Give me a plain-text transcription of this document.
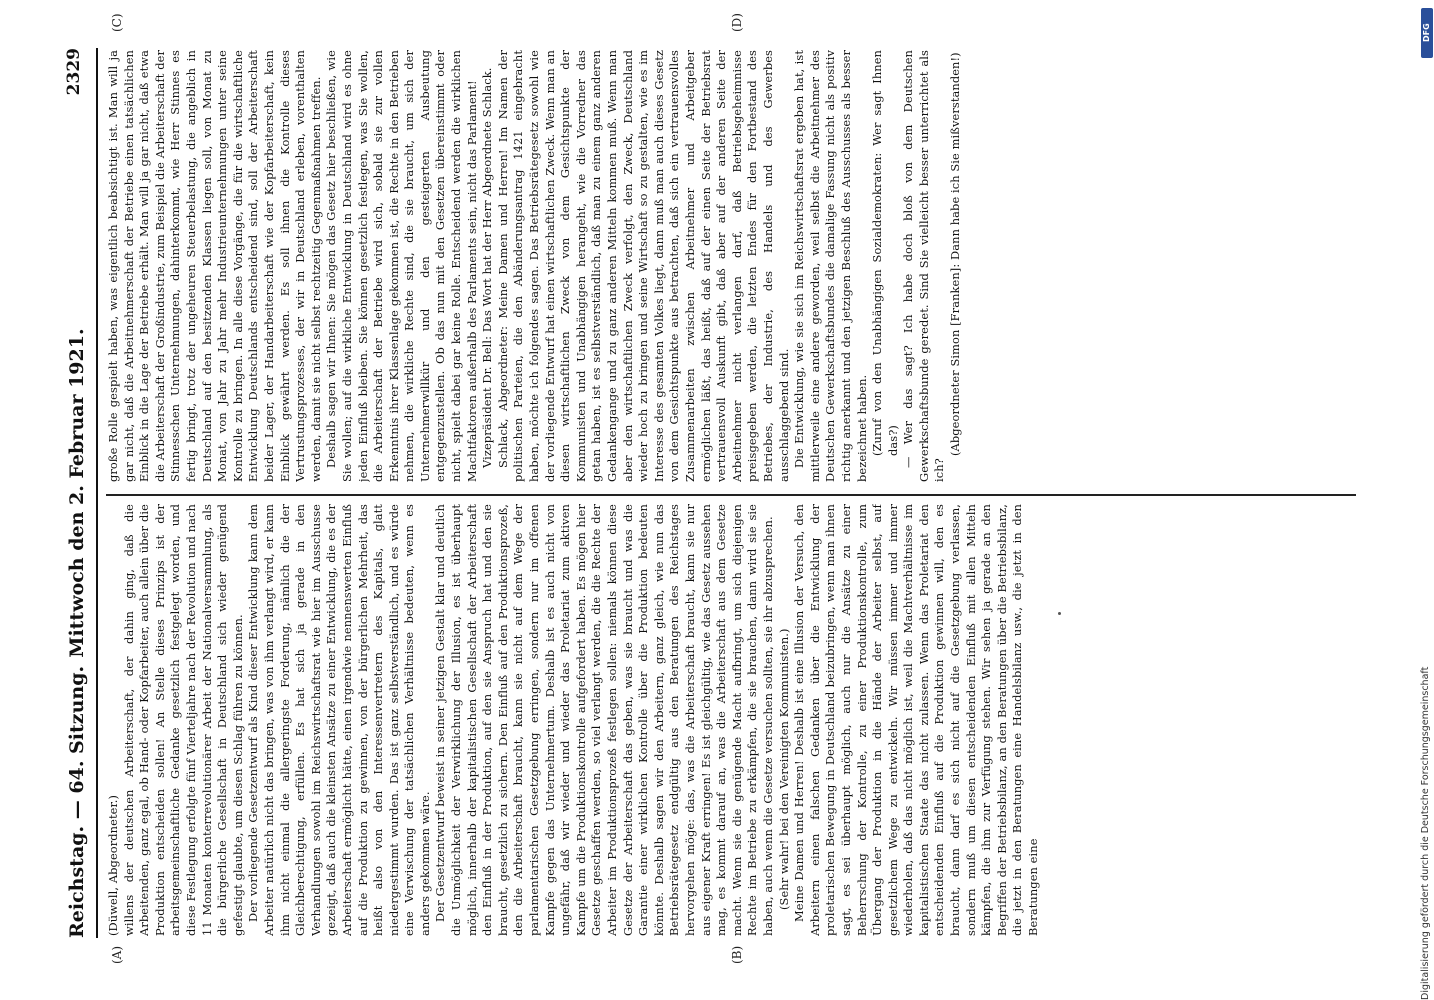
Reichstag. — 64. Sitzung.
Mittwoch den 2. Februar 1921.
2329
(A)	(B)
(C)	(D)

(Düwell, Abgeordneter.) willens der deutschen Arbeiterschaft, der dahin ging, daß die Arbeitenden, ganz egal, ob Hand- oder Kopfarbeiter, auch allein über die Produktion entscheiden sollen! An Stelle dieses Prinzips ist der arbeitsgemeinschaftliche Gedanke gesetzlich festgelegt worden, und diese Festlegung erfolgte fünf Vierteljahre nach der Revolution und nach 11 Monaten konterrevolutionärer Arbeit der Nationalversammlung, als die bürgerliche Gesellschaft in Deutschland sich wieder genügend gefestigt glaubte, um diesen Schlag führen zu können. Der vorliegende Gesetzentwurf als Kind dieser Entwicklung kann dem Arbeiter natürlich nicht das bringen, was von ihm verlangt wird, er kann ihm nicht einmal die allergeringste Forderung, nämlich die der Gleichberechtigung, erfüllen. Es hat sich ja gerade in den Verhandlungen sowohl im Reichswirtschaftsrat wie hier im Ausschusse gezeigt, daß auch die kleinsten Ansätze zu einer Entwicklung, die es der Arbeiterschaft ermöglicht hätte, einen irgendwie nennenswerten Einfluß auf die Produktion zu gewinnen, von der bürgerlichen Mehrheit, das heißt also von den Interessenvertretern des Kapitals, glatt niedergestimmt wurden. Das ist ganz selbstverständlich, und es würde eine Verwischung der tatsächlichen Verhältnisse bedeuten, wenn es anders gekommen wäre. Der Gesetzentwurf beweist in seiner jetzigen Gestalt klar und deutlich die Unmöglichkeit der Verwirklichung der Illusion, es ist überhaupt möglich, innerhalb der kapitalistischen Gesellschaft der Arbeiterschaft den Einfluß in der Produktion, auf den sie Anspruch hat und den sie braucht, gesetzlich zu sichern. Den Einfluß auf den Produktionsprozeß, den die Arbeiterschaft braucht, kann sie nicht auf dem Wege der parlamentarischen Gesetzgebung erringen, sondern nur im offenen Kampfe gegen das Unternehmertum. Deshalb ist es auch nicht von ungefähr, daß wir wieder und wieder das Proletariat zum aktiven Kampfe um die Produktionskontrolle aufgefordert haben. Es mögen hier Gesetze geschaffen werden, so viel verlangt werden, die die Rechte der Arbeiter im Produktionsprozeß festlegen sollen: niemals können diese Gesetze der Arbeiterschaft das geben, was sie braucht und was die Garantie einer wirklichen Kontrolle über die Produktion bedeuten könnte. Deshalb sagen wir den Arbeitern, ganz gleich, wie nun das Betriebsrätegesetz endgültig aus den Beratungen des Reichstages hervorgehen möge: das, was die Arbeiterschaft braucht, kann sie nur aus eigener Kraft erringen! Es ist gleichgültig, wie das Gesetz aussehen mag, es kommt darauf an, was die Arbeiterschaft aus dem Gesetze macht. Wenn sie die genügende Macht aufbringt, um sich diejenigen Rechte im Betriebe zu erkämpfen, die sie brauchen, dann wird sie sie haben, auch wenn die Gesetze versuchen sollten, sie ihr abzusprechen. (Sehr wahr! bei den Vereinigten Kommunisten.) Meine Damen und Herren! Deshalb ist eine Illusion der Versuch, den Arbeitern einen falschen Gedanken über die Entwicklung der proletarischen Bewegung in Deutschland beizubringen, wenn man ihnen sagt, es sei überhaupt möglich, auch nur die Ansätze zu einer Beherrschung der Kontrolle, zu einer Produktionskontrolle, zum Übergang der Produktion in die Hände der Arbeiter selbst, auf gesetzlichem Wege zu entwickeln. Wir müssen immer und immer wiederholen, daß das nicht möglich ist, weil die Machtverhältnisse im kapitalistischen Staate das nicht zulassen. Wenn das Proletariat den entscheidenden Einfluß auf die Produktion gewinnen will, den es braucht, dann darf es sich nicht auf die Gesetzgebung verlassen, sondern muß um diesen entscheidenden Einfluß mit allen Mitteln kämpfen, die ihm zur Verfügung stehen. Wir sehen ja gerade an den Begriffen der Betriebsbilanz, an den Beratungen über die Betriebsbilanz, die jetzt in den Beratungen eine Handelsbilanz usw., die jetzt in den Beratungen eine

große Rolle gespielt haben, was eigentlich beabsichtigt ist. Man will ja gar nicht, daß die Arbeitnehmerschaft der Betriebe einen tatsächlichen Einblick in die Lage der Betriebe erhält. Man will ja gar nicht, daß etwa die Arbeiterschaft der Großindustrie, zum Beispiel die Arbeiterschaft der Stinnesschen Unternehmungen, dahinterkommt, wie Herr Stinnes es fertig bringt, trotz der ungeheuren Steuerbelastung, die angeblich in Deutschland auf den besitzenden Klassen liegen soll, von Monat zu Monat, von Jahr zu Jahr mehr Industrieunternehmungen unter seine Kontrolle zu bringen. In alle diese Vorgänge, die für die wirtschaftliche Entwicklung Deutschlands entscheidend sind, soll der Arbeiterschaft beider Lager, der Handarbeiterschaft wie der Kopfarbeiterschaft, kein Einblick gewährt werden. Es soll ihnen die Kontrolle dieses Vertrustungsprozesses, der wir in Deutschland erleben, vorenthalten werden, damit sie nicht selbst rechtzeitig Gegenmaßnahmen treffen. Deshalb sagen wir Ihnen: Sie mögen das Gesetz hier beschließen, wie Sie wollen; auf die wirkliche Entwicklung in Deutschland wird es ohne jeden Einfluß bleiben. Sie können gesetzlich festlegen, was Sie wollen, die Arbeiterschaft der Betriebe wird sich, sobald sie zur vollen Erkenntnis ihrer Klassenlage gekommen ist, die Rechte in den Betrieben nehmen, die wirkliche Rechte sind, die sie braucht, um sich der Unternehmerwillkür und den gesteigerten Ausbeutung entgegenzustellen. Ob das nun mit den Gesetzen übereinstimmt oder nicht, spielt dabei gar keine Rolle. Entscheidend werden die wirklichen Machtfaktoren außerhalb des Parlaments sein, nicht das Parlament! Vizepräsident Dr. Bell: Das Wort hat der Herr Abgeordnete Schlack. Schlack, Abgeordneter: Meine Damen und Herren! Im Namen der politischen Parteien, die den Abänderungsantrag 1421 eingebracht haben, möchte ich folgendes sagen. Das Betriebsrätegesetz sowohl wie der vorliegende Entwurf hat einen wirtschaftlichen Zweck. Wenn man an diesen wirtschaftlichen Zweck von dem Gesichtspunkte der Kommunisten und Unabhängigen herangeht, wie die Vorredner das getan haben, ist es selbstverständlich, daß man zu einem ganz anderen Gedankengange und zu ganz anderen Mitteln kommen muß. Wenn man aber den wirtschaftlichen Zweck verfolgt, den Zweck, Deutschland wieder hoch zu bringen und seine Wirtschaft so zu gestalten, wie es im Interesse des gesamten Volkes liegt, dann muß man auch dieses Gesetz von dem Gesichtspunkte aus betrachten, daß sich ein vertrauensvolles Zusammenarbeiten zwischen Arbeitnehmer und Arbeitgeber ermöglichen läßt, das heißt, daß auf der einen Seite der Betriebsrat vertrauensvoll Auskunft gibt, daß aber auf der anderen Seite der Arbeitnehmer nicht verlangen darf, daß Betriebsgeheimnisse preisgegeben werden, die letzten Endes für den Fortbestand des Betriebes, der Industrie, des Handels und des Gewerbes ausschlaggebend sind. Die Entwicklung, wie sie sich im Reichswirtschaftsrat ergeben hat, ist mittlerweile eine andere geworden, weil selbst die Arbeitnehmer des Deutschen Gewerkschaftsbundes die damalige Fassung nicht als positiv richtig anerkannt und den jetzigen Beschluß des Ausschusses als besser bezeichnet haben. (Zuruf von den Unabhängigen Sozialdemokraten: Wer sagt Ihnen das?) — Wer das sagt? Ich habe doch bloß von dem Deutschen Gewerkschaftsbunde geredet. Sind Sie vielleicht besser unterrichtet als ich?

(Abgeordneter Simon [Franken]: Dann habe ich Sie mißverstanden!)

Digitalisierung gefördert durch die Deutsche Forschungsgemeinschaft
DFG
